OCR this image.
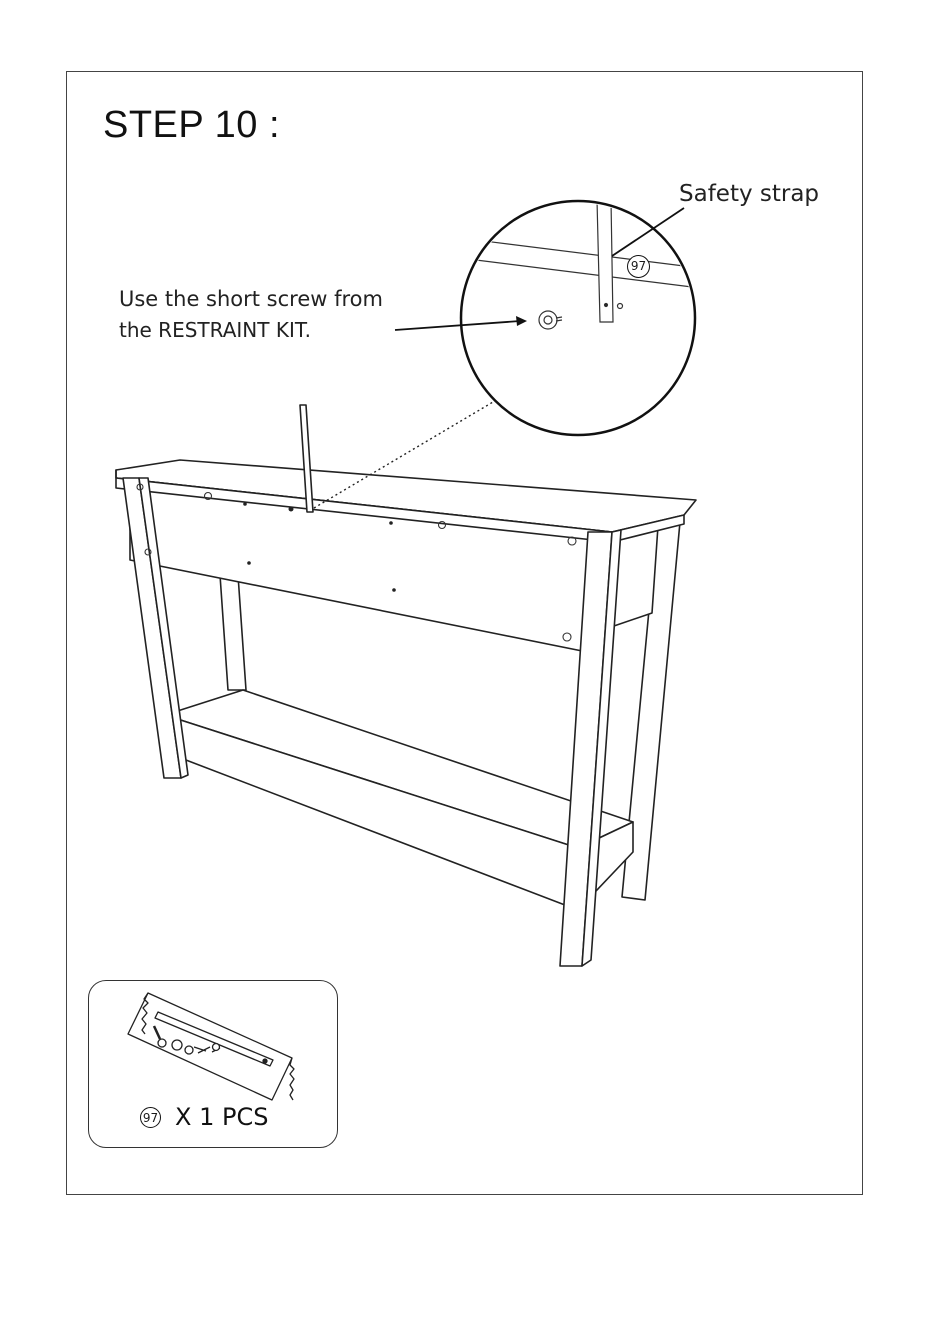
STEP 10 :
97
Safety strap
Use the short screw from
the RESTRAINT KIT.
97 X 1 PCS
